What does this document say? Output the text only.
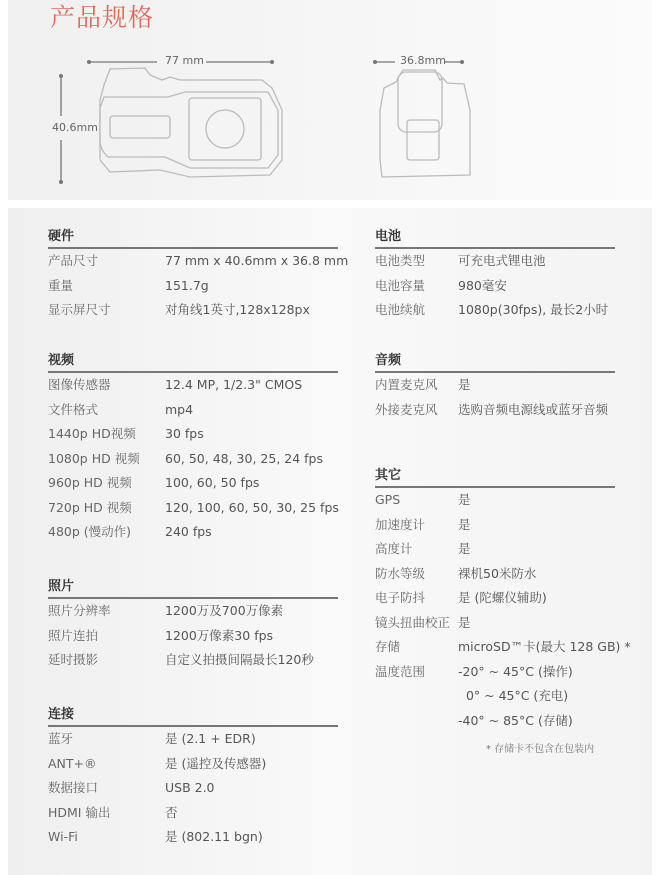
产品规格
77 mm
40.6mm
36.8mm
硬件
产品尺寸	77 mm x 40.6mm x 36.8 mm
重量	151.7g
显示屏尺寸	对角线1英寸,128x128px
视频
图像传感器	12.4 MP, 1/2.3" CMOS
文件格式	mp4
1440p HD视频 30 fps
1080p HD 视频 60, 50, 48, 30, 25, 24 fps
960p HD 视频	100, 60, 50 fps
720p HD 视频	120, 100, 60, 50, 30, 25 fps
480p (慢动作)	240 fps
照片
照片分辨率	1200万及700万像素
照片连拍	1200万像素30 fps
延时摄影	自定义拍摄间隔最长120秒
连接
蓝牙	是 (2.1 + EDR)
ANT+®	是 (遥控及传感器)
数据接口	USB 2.0
HDMI 输出	否
Wi-Fi	是 (802.11 bgn)
电池
电池类型	可充电式锂电池
电池容量	980毫安
电池续航	1080p(30fps), 最长2小时
音频
内置麦克风 是
外接麦克风 选购音频电源线或蓝牙音频
其它
GPS	是
加速度计	是
高度计	是
防水等级	裸机50米防水
电子防抖	是 (陀螺仪辅助)
镜头扭曲校正 是
存储	microSD™卡(最大 128 GB) *
温度范围	-20° ~ 45°C (操作)
0° ~ 45°C (充电)
-40° ~ 85°C (存储)
* 存储卡不包含在包装内
